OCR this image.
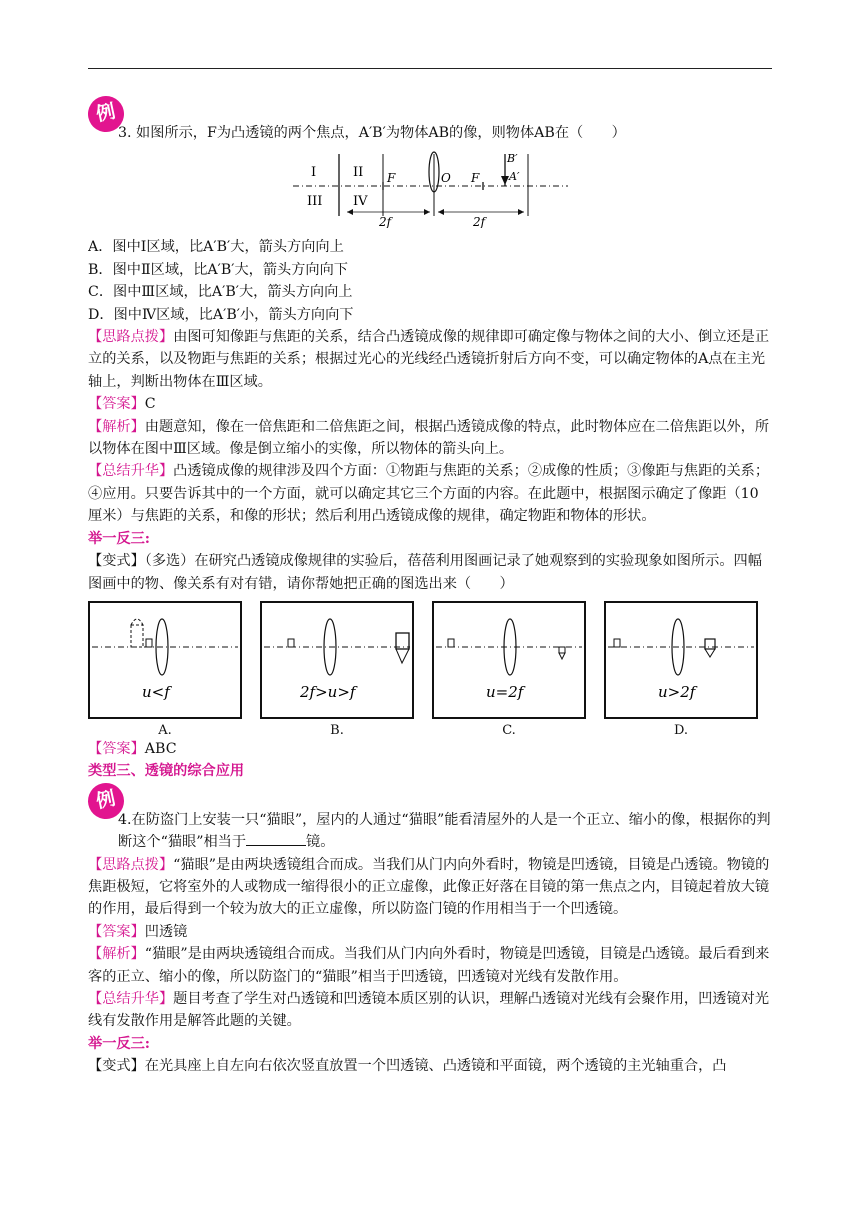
例
3. 如图所示，F为凸透镜的两个焦点，A′B′为物体AB的像，则物体AB在（　　）
I	II
III IV
F	O F
B′
A′
2f	2f
A．图中Ⅰ区域，比A′B′大，箭头方向向上
B．图中Ⅱ区域，比A′B′大，箭头方向向下
C．图中Ⅲ区域，比A′B′大，箭头方向向上
D．图中Ⅳ区域，比A′B′小，箭头方向向下
【思路点拨】由图可知像距与焦距的关系，结合凸透镜成像的规律即可确定像与物体之间的大小、倒立还是正立的关系，以及物距与焦距的关系；根据过光心的光线经凸透镜折射后方向不变，可以确定物体的A点在主光轴上，判断出物体在Ⅲ区域。
【答案】C
【解析】由题意知，像在一倍焦距和二倍焦距之间，根据凸透镜成像的特点，此时物体应在二倍焦距以外，所以物体在图中Ⅲ区域。像是倒立缩小的实像，所以物体的箭头向上。
【总结升华】凸透镜成像的规律涉及四个方面：①物距与焦距的关系；②成像的性质；③像距与焦距的关系；④应用。只要告诉其中的一个方面，就可以确定其它三个方面的内容。在此题中，根据图示确定了像距（10厘米）与焦距的关系，和像的形状；然后利用凸透镜成像的规律，确定物距和物体的形状。
举一反三:
【变式】（多选）在研究凸透镜成像规律的实验后，蓓蓓利用图画记录了她观察到的实验现象如图所示。四幅图画中的物、像关系有对有错，请你帮她把正确的图选出来（　　）
u<f
A.
2f>u>f
B.
u=2f
C.
u>2f
D.
【答案】ABC
类型三、透镜的综合应用
例
4.在防盗门上安装一只“猫眼”，屋内的人通过“猫眼”能看清屋外的人是一个正立、缩小的像，根据你的判断这个“猫眼”相当于	镜。
【思路点拨】“猫眼”是由两块透镜组合而成。当我们从门内向外看时，物镜是凹透镜，目镜是凸透镜。物镜的焦距极短，它将室外的人或物成一缩得很小的正立虚像，此像正好落在目镜的第一焦点之内，目镜起着放大镜的作用，最后得到一个较为放大的正立虚像，所以防盗门镜的作用相当于一个凹透镜。
【答案】凹透镜
【解析】“猫眼”是由两块透镜组合而成。当我们从门内向外看时，物镜是凹透镜，目镜是凸透镜。最后看到来客的正立、缩小的像，所以防盗门的“猫眼”相当于凹透镜，凹透镜对光线有发散作用。
【总结升华】题目考查了学生对凸透镜和凹透镜本质区别的认识，理解凸透镜对光线有会聚作用，凹透镜对光线有发散作用是解答此题的关键。
举一反三:
【变式】在光具座上自左向右依次竖直放置一个凹透镜、凸透镜和平面镜，两个透镜的主光轴重合，凸
